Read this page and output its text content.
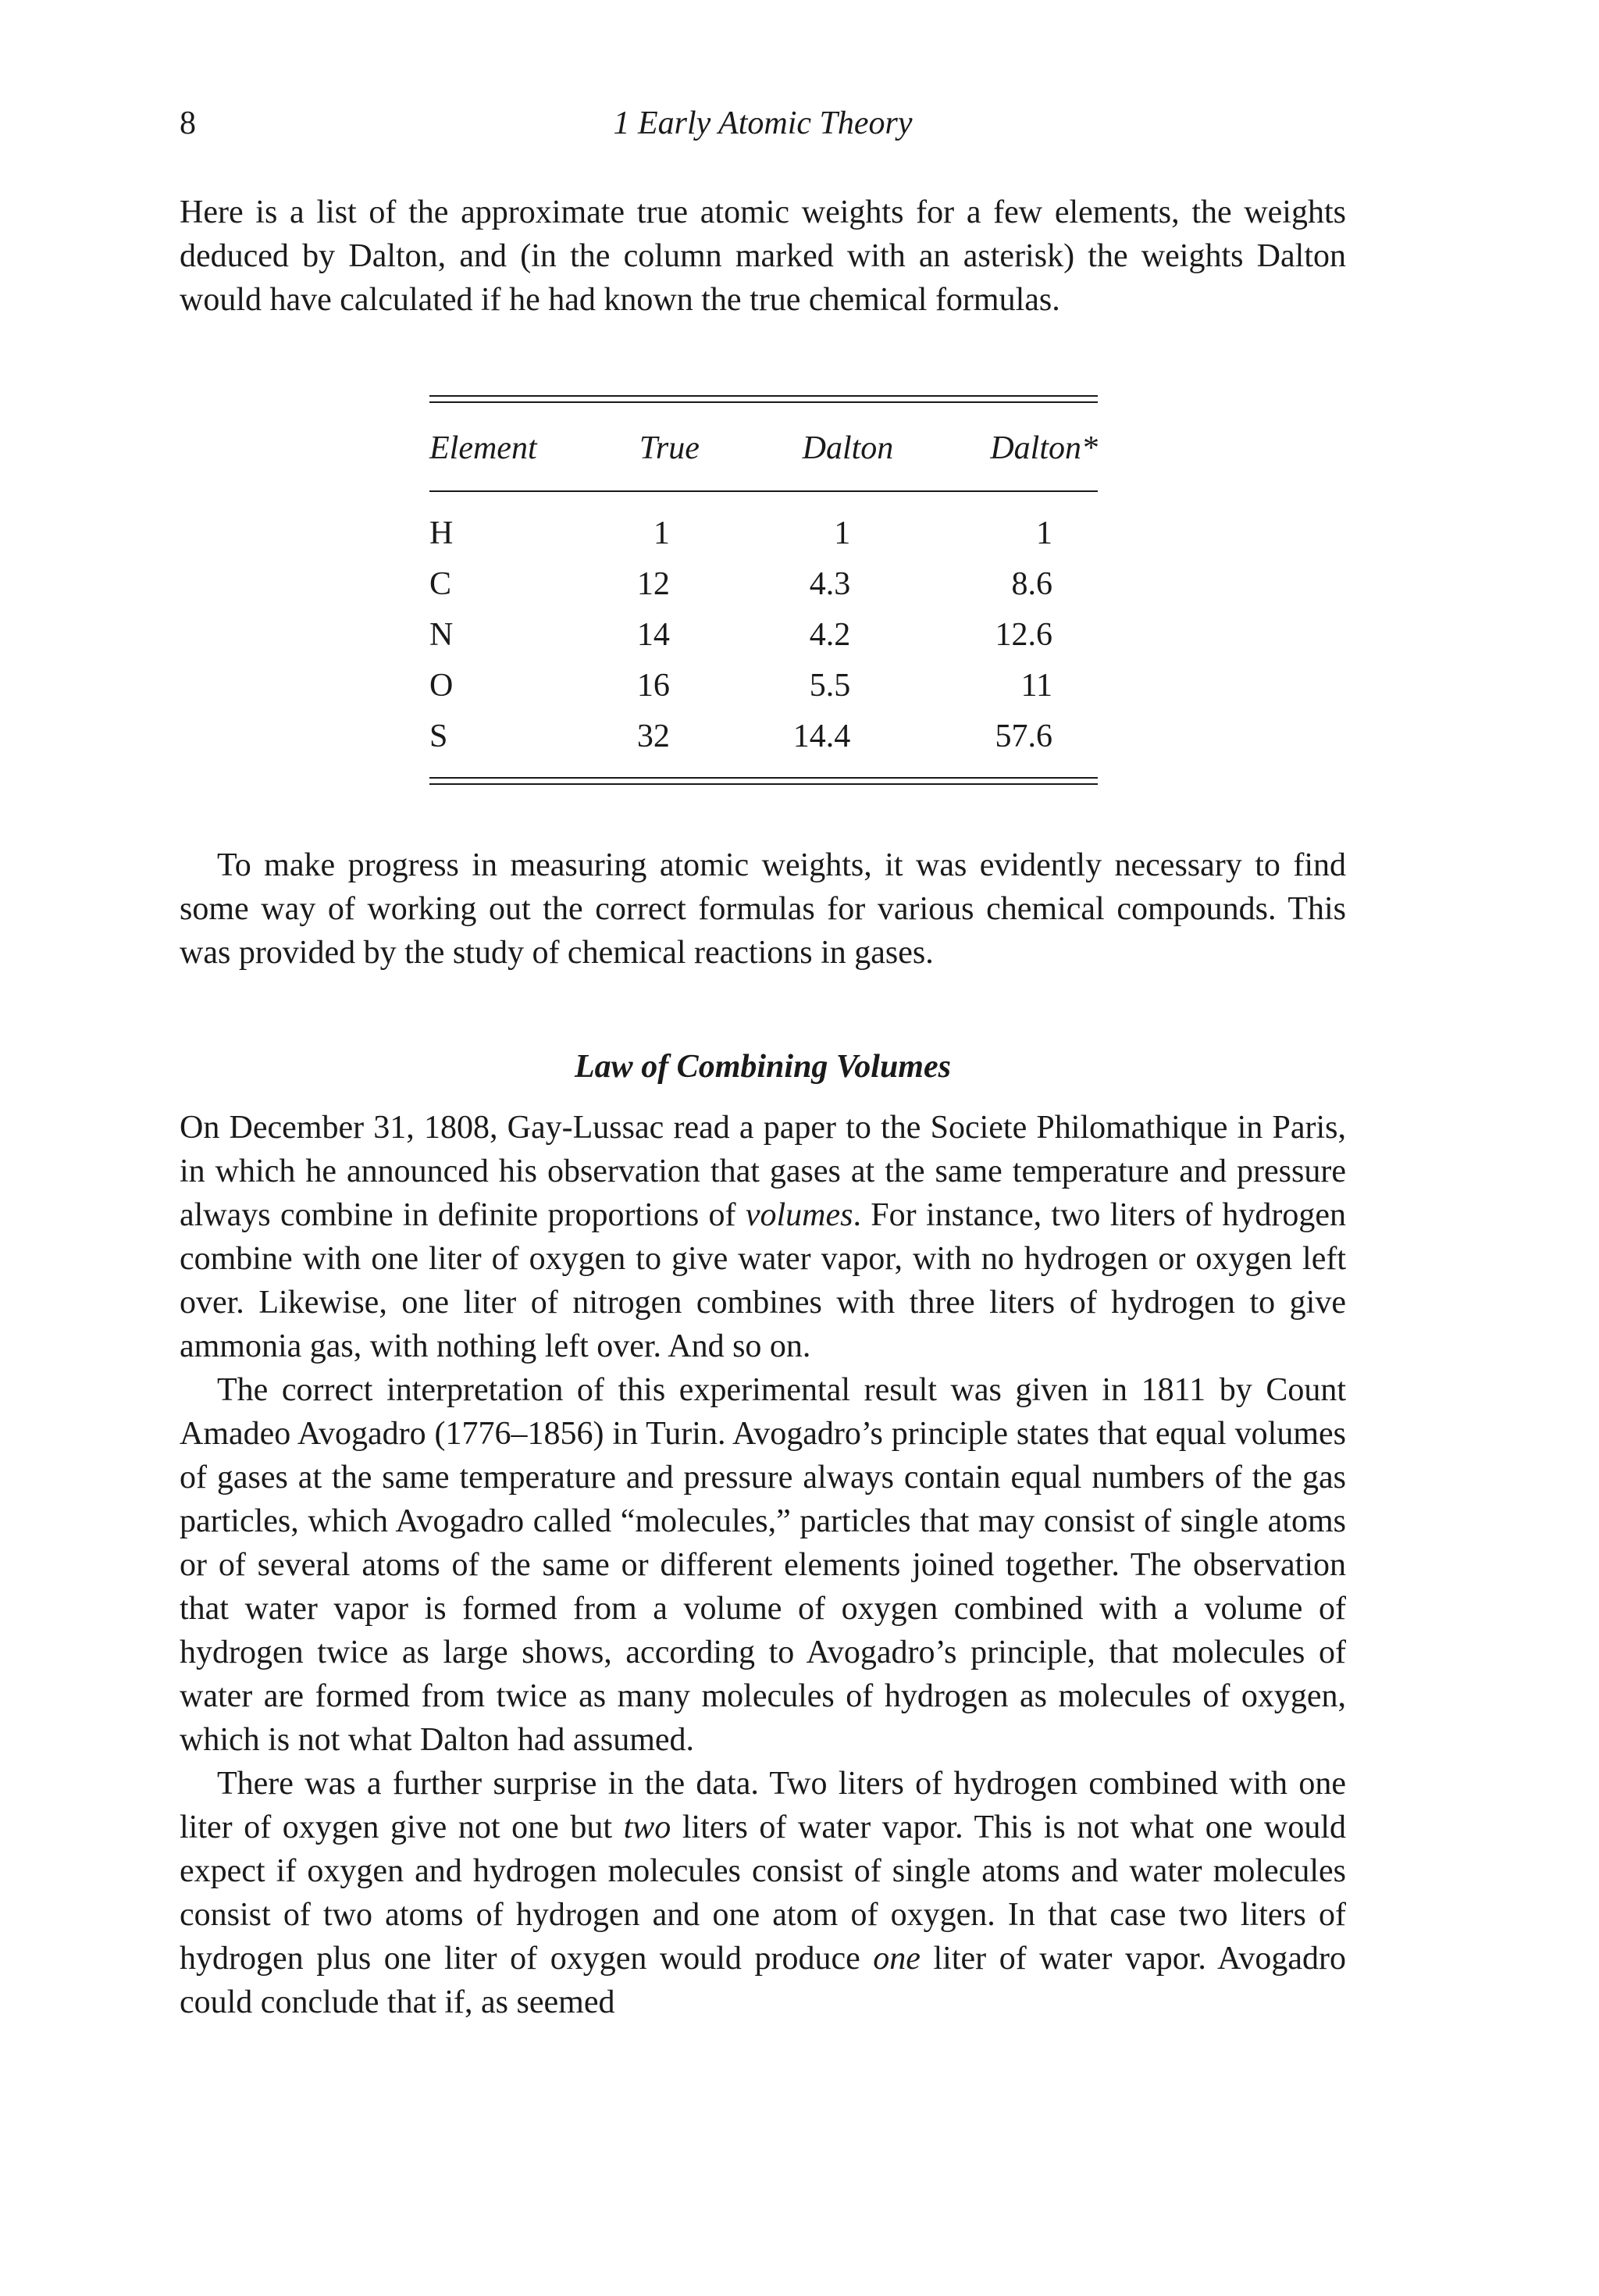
8	1 Early Atomic Theory

Here is a list of the approximate true atomic weights for a few elements, the weights deduced by Dalton, and (in the column marked with an asterisk) the weights Dalton would have calculated if he had known the true chemical formulas.

Element	True	Dalton	Dalton*

H	1	1	1
C	12	4.3	8.6
N	14	4.2	12.6
O	16	5.5	11
S	32	14.4	57.6

To make progress in measuring atomic weights, it was evidently necessary to find some way of working out the correct formulas for various chemical compounds. This was provided by the study of chemical reactions in gases.

Law of Combining Volumes

On December 31, 1808, Gay-Lussac read a paper to the Societe Philomathique in Paris, in which he announced his observation that gases at the same temperature and pressure always combine in definite proportions of volumes. For instance, two liters of hydrogen combine with one liter of oxygen to give water vapor, with no hydrogen or oxygen left over. Likewise, one liter of nitrogen combines with three liters of hydrogen to give ammonia gas, with nothing left over. And so on.

The correct interpretation of this experimental result was given in 1811 by Count Amadeo Avogadro (1776–1856) in Turin. Avogadro’s principle states that equal volumes of gases at the same temperature and pressure always contain equal numbers of the gas particles, which Avogadro called “molecules,” particles that may consist of single atoms or of several atoms of the same or different elements joined together. The observation that water vapor is formed from a volume of oxygen combined with a volume of hydrogen twice as large shows, according to Avogadro’s principle, that molecules of water are formed from twice as many molecules of hydrogen as molecules of oxygen, which is not what Dalton had assumed.

There was a further surprise in the data. Two liters of hydrogen combined with one liter of oxygen give not one but two liters of water vapor. This is not what one would expect if oxygen and hydrogen molecules consist of single atoms and water molecules consist of two atoms of hydrogen and one atom of oxygen. In that case two liters of hydrogen plus one liter of oxygen would produce one liter of water vapor. Avogadro could conclude that if, as seemed
